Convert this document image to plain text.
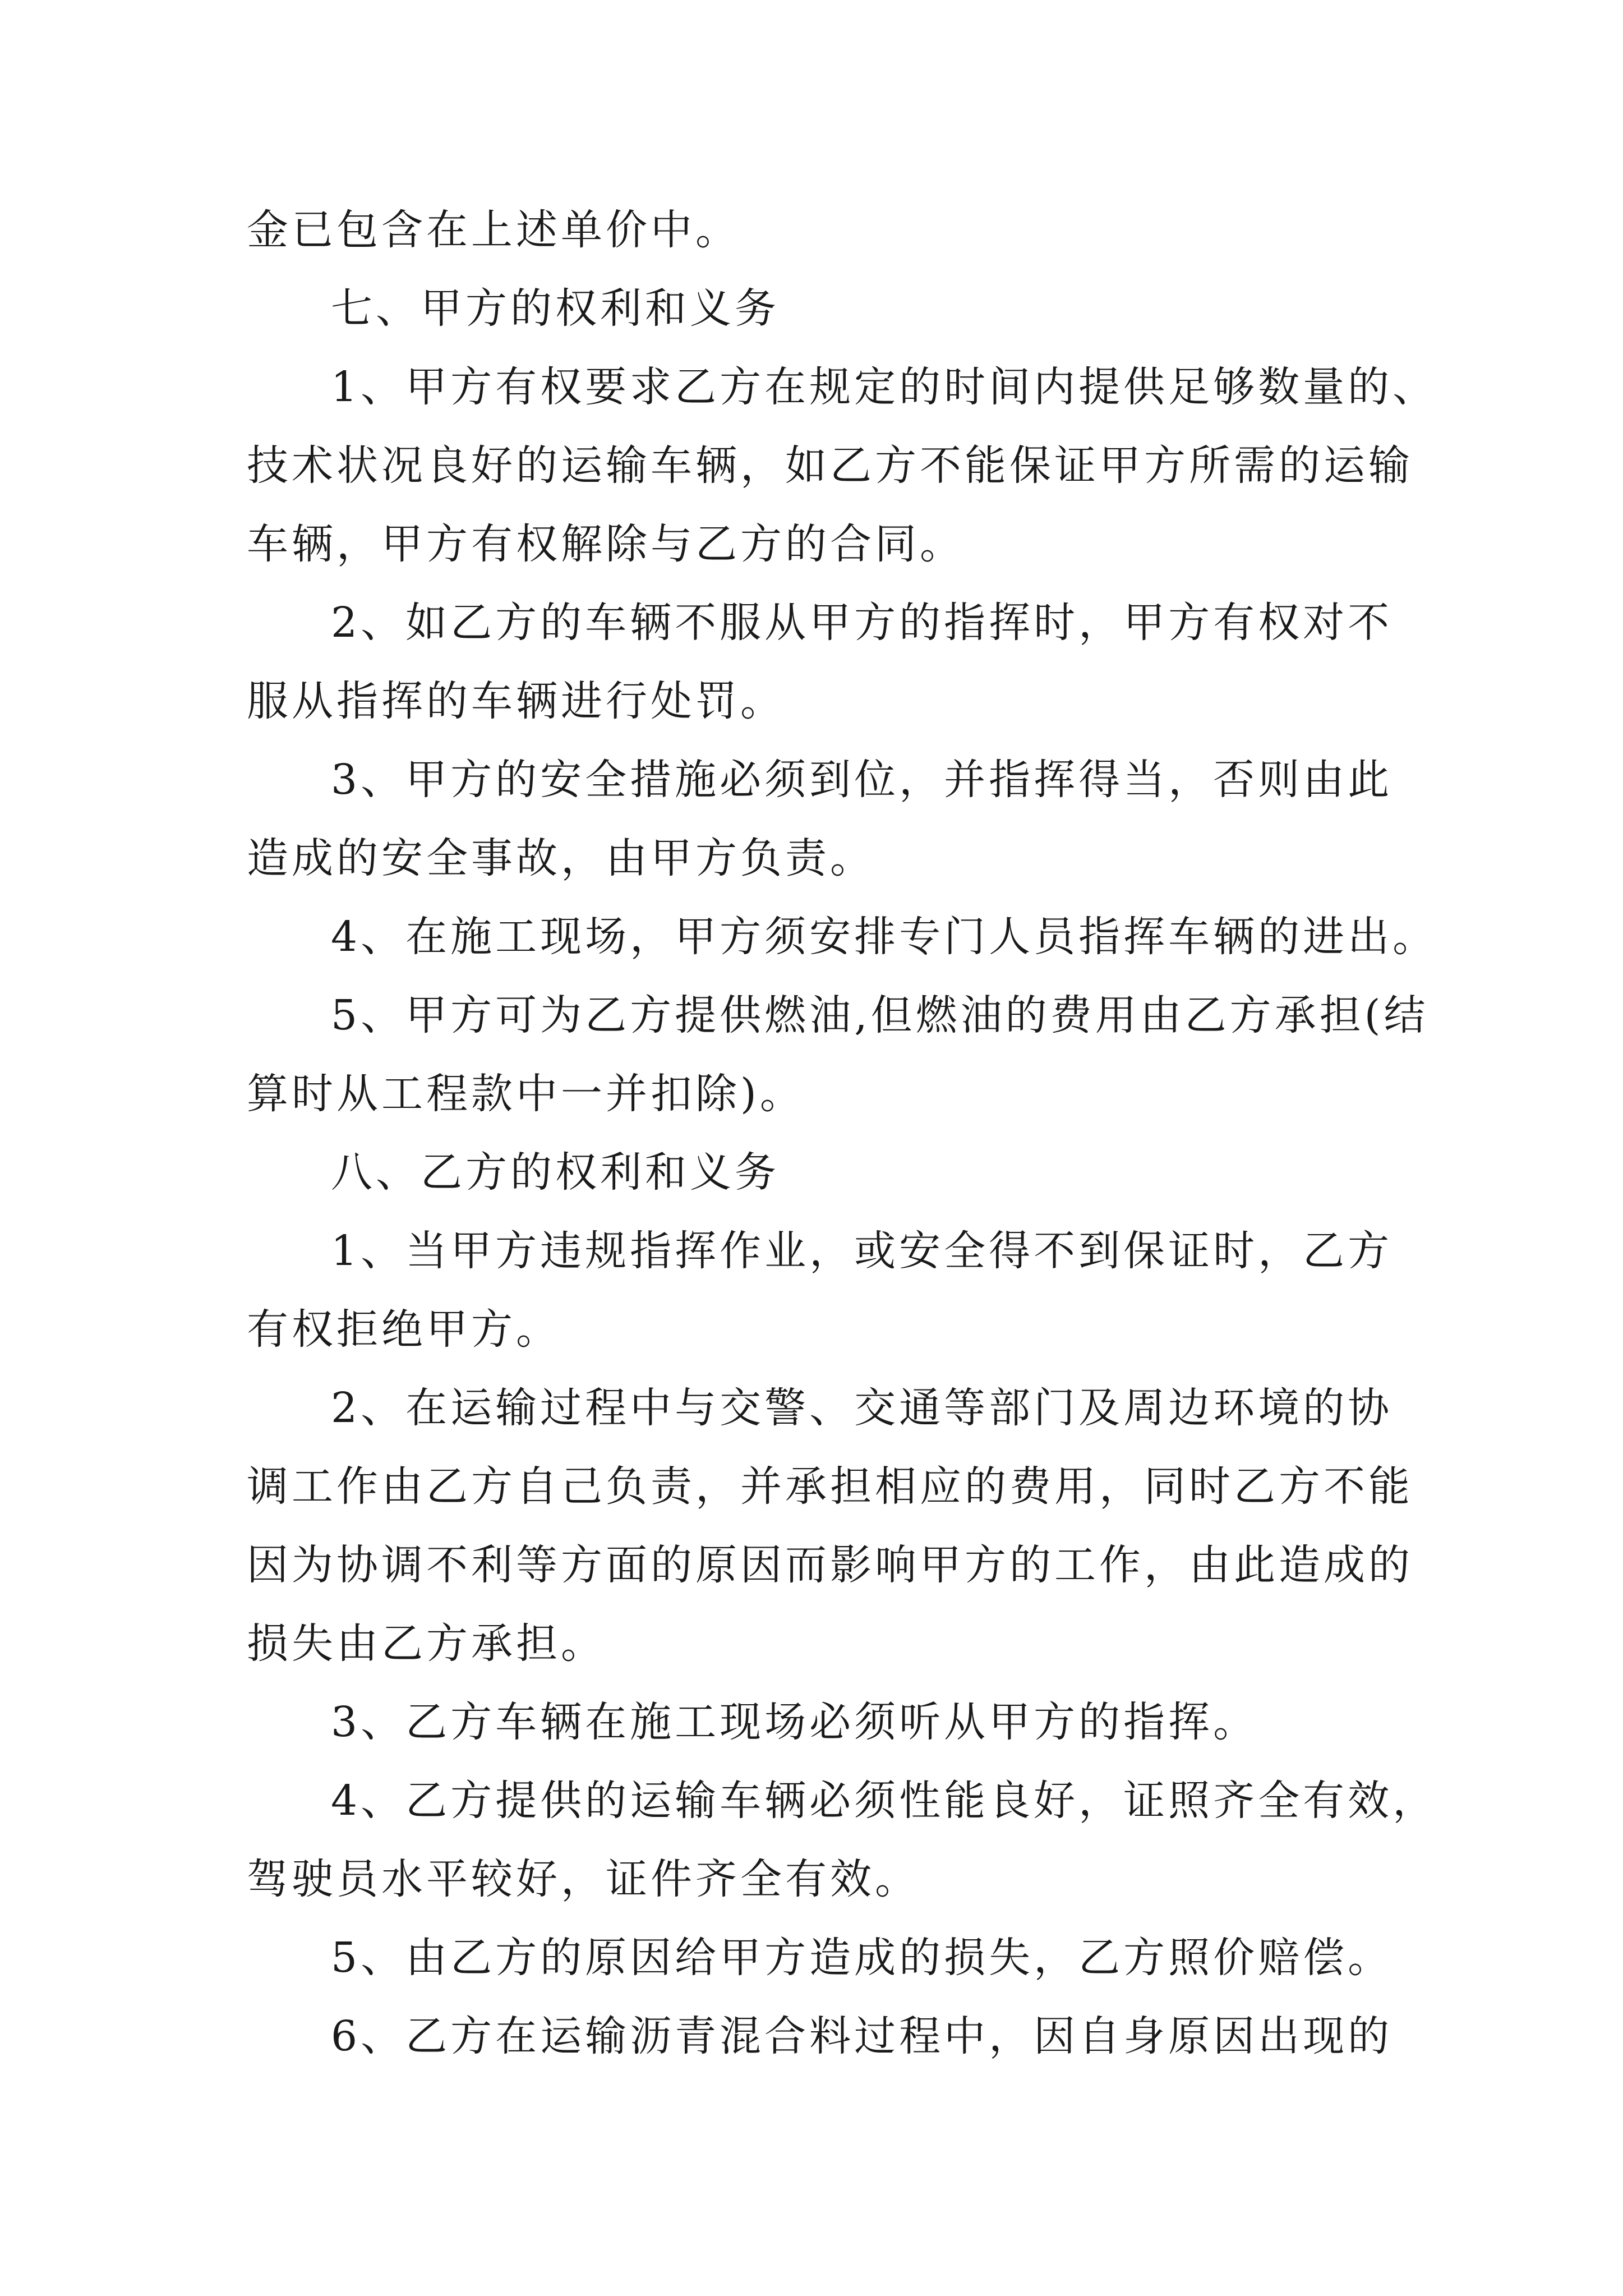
金已包含在上述单价中。
七、甲方的权利和义务
1、甲方有权要求乙方在规定的时间内提供足够数量的、
技术状况良好的运输车辆，如乙方不能保证甲方所需的运输
车辆，甲方有权解除与乙方的合同。
2、如乙方的车辆不服从甲方的指挥时，甲方有权对不
服从指挥的车辆进行处罚。
3、甲方的安全措施必须到位，并指挥得当，否则由此
造成的安全事故，由甲方负责。
4、在施工现场，甲方须安排专门人员指挥车辆的进出。
5、甲方可为乙方提供燃油,但燃油的费用由乙方承担(结
算时从工程款中一并扣除)。
八、乙方的权利和义务
1、当甲方违规指挥作业，或安全得不到保证时，乙方
有权拒绝甲方。
2、在运输过程中与交警、交通等部门及周边环境的协
调工作由乙方自己负责，并承担相应的费用，同时乙方不能
因为协调不利等方面的原因而影响甲方的工作，由此造成的
损失由乙方承担。
3、乙方车辆在施工现场必须听从甲方的指挥。
4、乙方提供的运输车辆必须性能良好，证照齐全有效，
驾驶员水平较好，证件齐全有效。
5、由乙方的原因给甲方造成的损失，乙方照价赔偿。
6、乙方在运输沥青混合料过程中，因自身原因出现的
